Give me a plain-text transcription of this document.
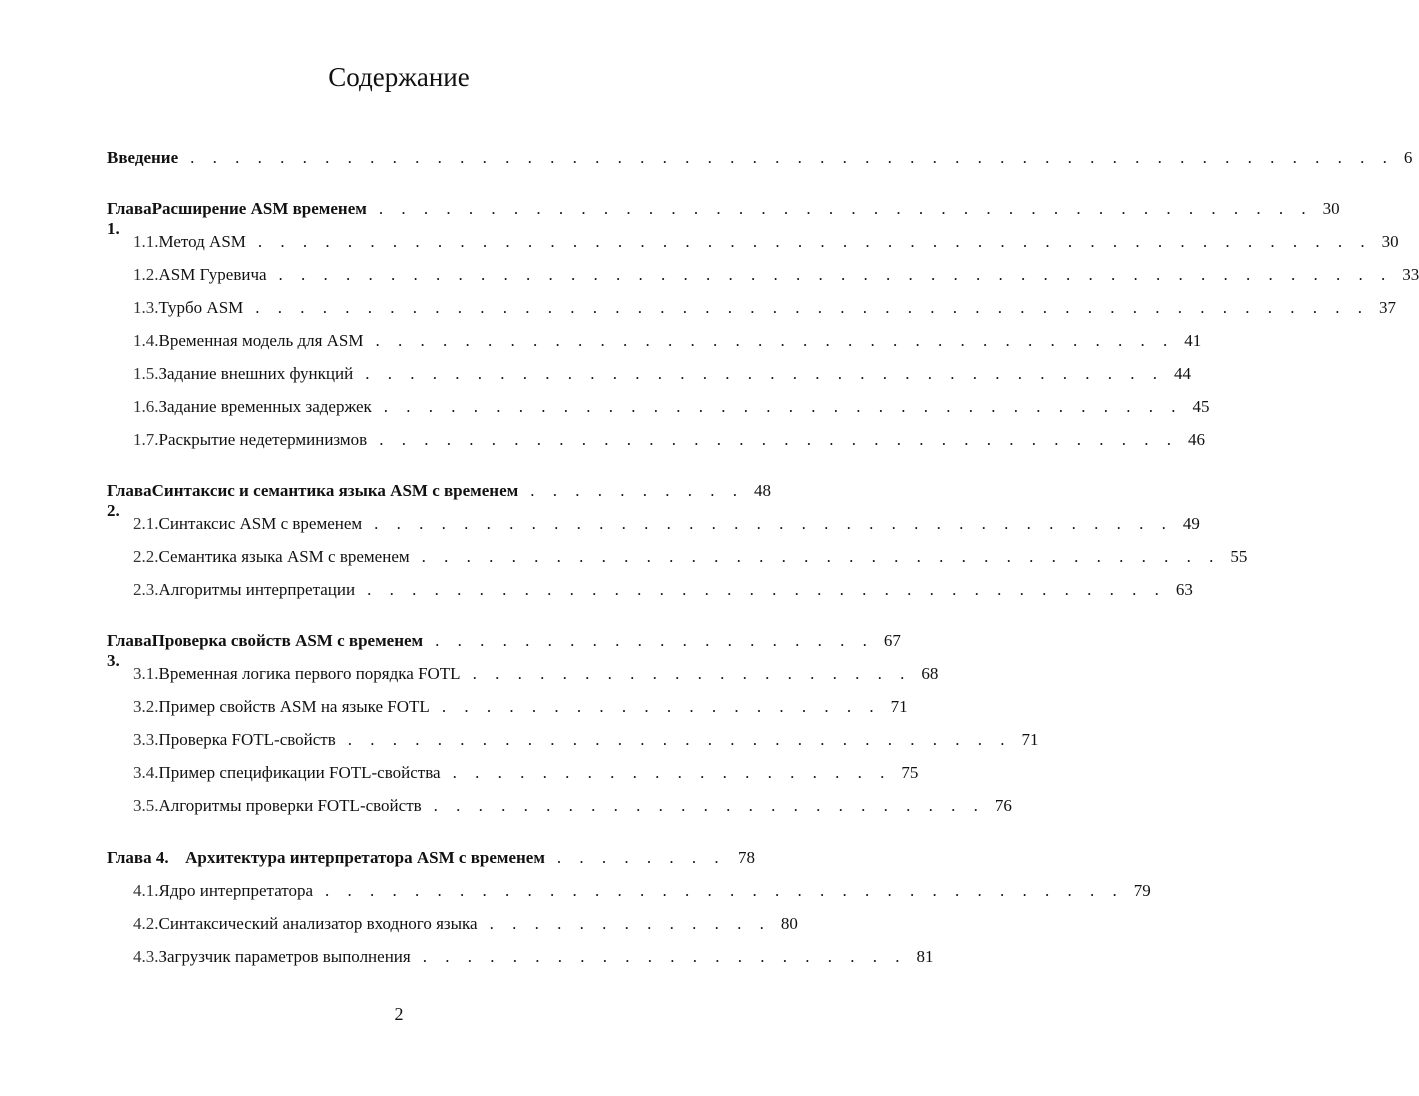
Содержание
Введение . . . . . . . . . . . . . . . . . . . . . . . . . . . . . . . . . . . . . . . . . . . . . . . . . . . . . . 6
Глава 1.
Расширение ASM временем . . . . . . . . . . . . . . . . . . . . . . . . . . . . . . . . . . . . . . . . . . 30
1.1. Метод ASM . . . . . . . . . . . . . . . . . . . . . . . . . . . . . . . . . . . . . . . . . . . . . . . . . . 30
1.2. ASM Гуревича . . . . . . . . . . . . . . . . . . . . . . . . . . . . . . . . . . . . . . . . . . . . . . . . . . 33
1.3. Турбо ASM . . . . . . . . . . . . . . . . . . . . . . . . . . . . . . . . . . . . . . . . . . . . . . . . . . 37
1.4. Временная модель для ASM . . . . . . . . . . . . . . . . . . . . . . . . . . . . . . . . . . . . 41
1.5. Задание внешних функций . . . . . . . . . . . . . . . . . . . . . . . . . . . . . . . . . . . . 44
1.6. Задание временных задержек . . . . . . . . . . . . . . . . . . . . . . . . . . . . . . . . . . . . 45
1.7. Раскрытие недетерминизмов . . . . . . . . . . . . . . . . . . . . . . . . . . . . . . . . . . . . 46
Глава 2.
Синтаксис и семантика языка ASM с временем . . . . . . . . . . 48
2.1. Синтаксис ASM с временем . . . . . . . . . . . . . . . . . . . . . . . . . . . . . . . . . . . . 49
2.2. Семантика языка ASM с временем . . . . . . . . . . . . . . . . . . . . . . . . . . . . . . . . . . . . 55
2.3. Алгоритмы интерпретации . . . . . . . . . . . . . . . . . . . . . . . . . . . . . . . . . . . . 63
Глава 3.
Проверка свойств ASM с временем . . . . . . . . . . . . . . . . . . . . 67
3.1. Временная логика первого порядка FOTL . . . . . . . . . . . . . . . . . . . . 68
3.2. Пример свойств ASM на языке FOTL . . . . . . . . . . . . . . . . . . . . 71
3.3. Проверка FOTL-свойств . . . . . . . . . . . . . . . . . . . . . . . . . . . . . . 71
3.4. Пример спецификации FOTL-свойства . . . . . . . . . . . . . . . . . . . . 75
3.5. Алгоритмы проверки FOTL-свойств . . . . . . . . . . . . . . . . . . . . . . . . . 76
Глава 4. Архитектура интерпретатора ASM с временем . . . . . . . . 78
4.1. Ядро интерпретатора . . . . . . . . . . . . . . . . . . . . . . . . . . . . . . . . . . . . 79
4.2. Синтаксический анализатор входного языка . . . . . . . . . . . . . 80
4.3. Загрузчик параметров выполнения . . . . . . . . . . . . . . . . . . . . . . 81
2
